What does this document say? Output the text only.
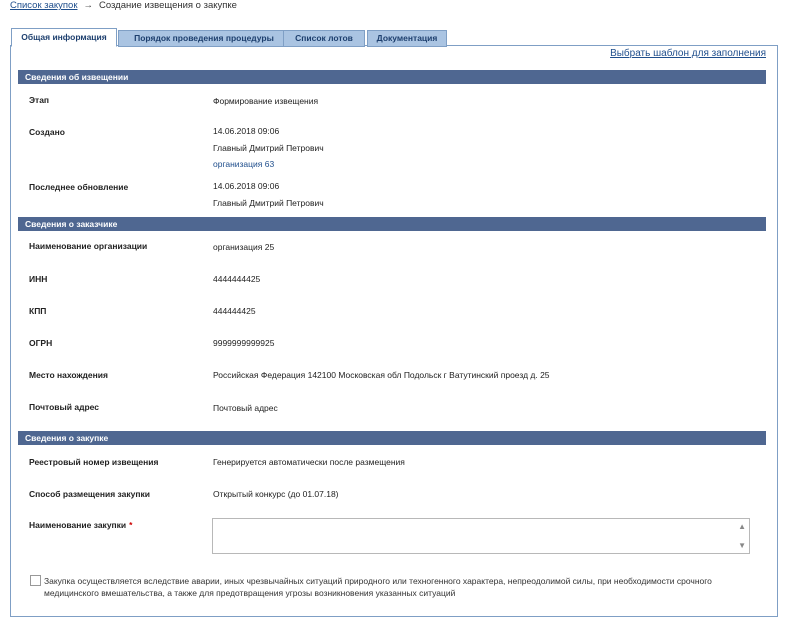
Список закупок → Создание извещения о закупке
Общая информация	Порядок проведения процедуры	Список лотов	Документация
Выбрать шаблон для заполнения
Сведения об извещении
Этап	Формирование извещения
Создано	14.06.2018 09:06
Главный Дмитрий Петрович
организация 63
Последнее обновление	14.06.2018 09:06
Главный Дмитрий Петрович
Сведения о заказчике
Наименование организации	организация 25
ИНН	4444444425
КПП	444444425
ОГРН	9999999999925
Место нахождения	Российская Федерация 142100 Московская обл Подольск г Ватутинский проезд д. 25
Почтовый адрес	Почтовый адрес
Сведения о закупке
Реестровый номер извещения	Генерируется автоматически после размещения
Способ размещения закупки	Открытый конкурс (до 01.07.18)
Наименование закупки *	▲
▼
Закупка осуществляется вследствие аварии, иных чрезвычайных ситуаций природного или техногенного характера, непреодолимой силы, при необходимости срочного медицинского вмешательства, а также для предотвращения угрозы возникновения указанных ситуаций
